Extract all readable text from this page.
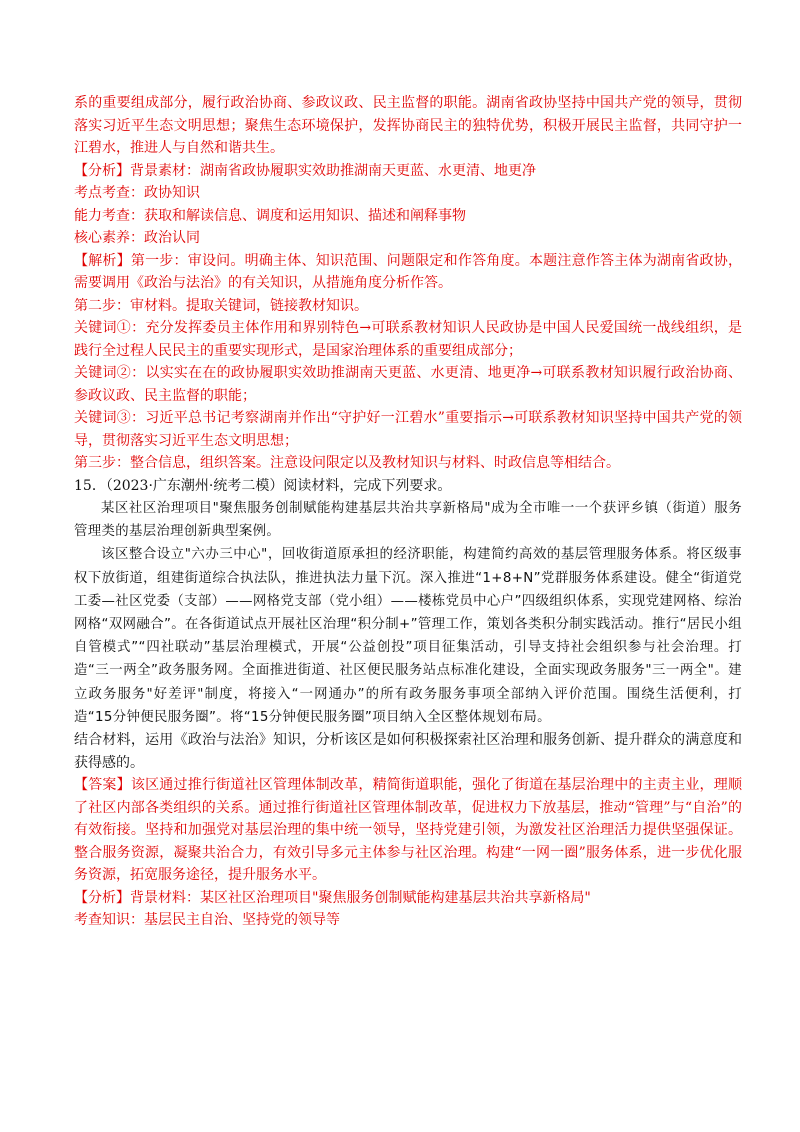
系的重要组成部分，履行政治协商、参政议政、民主监督的职能。湖南省政协坚持中国共产党的领导，贯彻落实习近平生态文明思想；聚焦生态环境保护，发挥协商民主的独特优势，积极开展民主监督，共同守护一江碧水，推进人与自然和谐共生。

【分析】背景素材：湖南省政协履职实效助推湖南天更蓝、水更清、地更净

考点考查：政协知识

能力考查：获取和解读信息、调度和运用知识、描述和阐释事物

核心素养：政治认同

【解析】第一步：审设问。明确主体、知识范围、问题限定和作答角度。本题注意作答主体为湖南省政协，需要调用《政治与法治》的有关知识，从措施角度分析作答。

第二步：审材料。提取关键词，链接教材知识。

关键词①：充分发挥委员主体作用和界别特色→可联系教材知识人民政协是中国人民爱国统一战线组织，是践行全过程人民民主的重要实现形式，是国家治理体系的重要组成部分；

关键词②：以实实在在的政协履职实效助推湖南天更蓝、水更清、地更净→可联系教材知识履行政治协商、参政议政、民主监督的职能；

关键词③：习近平总书记考察湖南并作出“守护好一江碧水”重要指示→可联系教材知识坚持中国共产党的领导，贯彻落实习近平生态文明思想；

第三步：整合信息，组织答案。注意设问限定以及教材知识与材料、时政信息等相结合。

15．（2023·广东潮州·统考二模）阅读材料，完成下列要求。

某区社区治理项目"聚焦服务创制赋能构建基层共治共享新格局"成为全市唯一一个获评乡镇（街道）服务管理类的基层治理创新典型案例。

该区整合设立"六办三中心"，回收街道原承担的经济职能，构建简约高效的基层管理服务体系。将区级事权下放街道，组建街道综合执法队，推进执法力量下沉。深入推进“1+8+N”党群服务体系建设。健全“街道党工委—社区党委（支部）——网格党支部（党小组）——楼栋党员中心户”四级组织体系，实现党建网格、综治网格“双网融合”。在各街道试点开展社区治理“积分制+”管理工作，策划各类积分制实践活动。推行“居民小组自管模式”“四社联动”基层治理模式，开展“公益创投”项目征集活动，引导支持社会组织参与社会治理。打造“三一两全”政务服务网。全面推进街道、社区便民服务站点标准化建设，全面实现政务服务"三一两全"。建立政务服务"好差评"制度，将接入“一网通办”的所有政务服务事项全部纳入评价范围。围绕生活便利，打造“15分钟便民服务圈”。将“15分钟便民服务圈”项目纳入全区整体规划布局。

结合材料，运用《政治与法治》知识，分析该区是如何积极探索社区治理和服务创新、提升群众的满意度和获得感的。

【答案】该区通过推行街道社区管理体制改革，精简街道职能，强化了街道在基层治理中的主责主业，理顺了社区内部各类组织的关系。通过推行街道社区管理体制改革，促进权力下放基层，推动“管理”与“自治”的有效衔接。坚持和加强党对基层治理的集中统一领导，坚持党建引领，为激发社区治理活力提供坚强保证。整合服务资源，凝聚共治合力，有效引导多元主体参与社区治理。构建“一网一圈”服务体系，进一步优化服务资源，拓宽服务途径，提升服务水平。

【分析】背景材料：某区社区治理项目"聚焦服务创制赋能构建基层共治共享新格局"

考查知识：基层民主自治、坚持党的领导等
